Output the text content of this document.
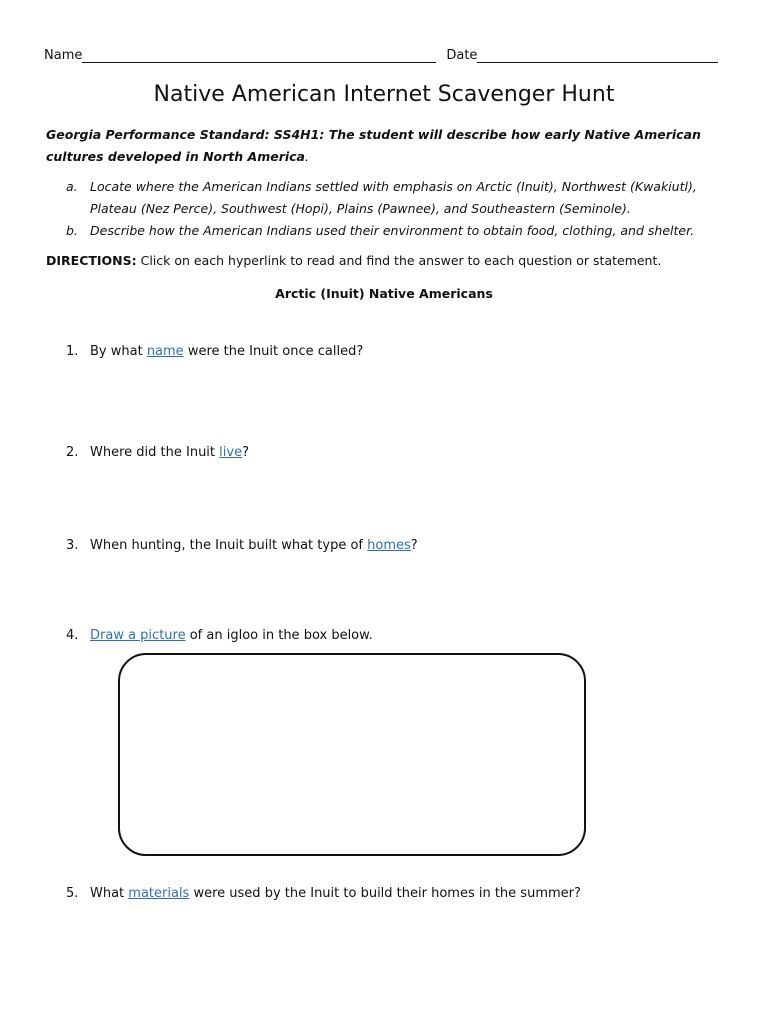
Name	Date
Native American Internet Scavenger Hunt
Georgia Performance Standard: SS4H1: The student will describe how early Native American cultures developed in North America.
a. Locate where the American Indians settled with emphasis on Arctic (Inuit), Northwest (Kwakiutl), Plateau (Nez Perce), Southwest (Hopi), Plains (Pawnee), and Southeastern (Seminole).
b. Describe how the American Indians used their environment to obtain food, clothing, and shelter.
DIRECTIONS: Click on each hyperlink to read and find the answer to each question or statement.
Arctic (Inuit) Native Americans
1. By what name were the Inuit once called?
2. Where did the Inuit live?
3. When hunting, the Inuit built what type of homes?
4. Draw a picture of an igloo in the box below.
5. What materials were used by the Inuit to build their homes in the summer?
